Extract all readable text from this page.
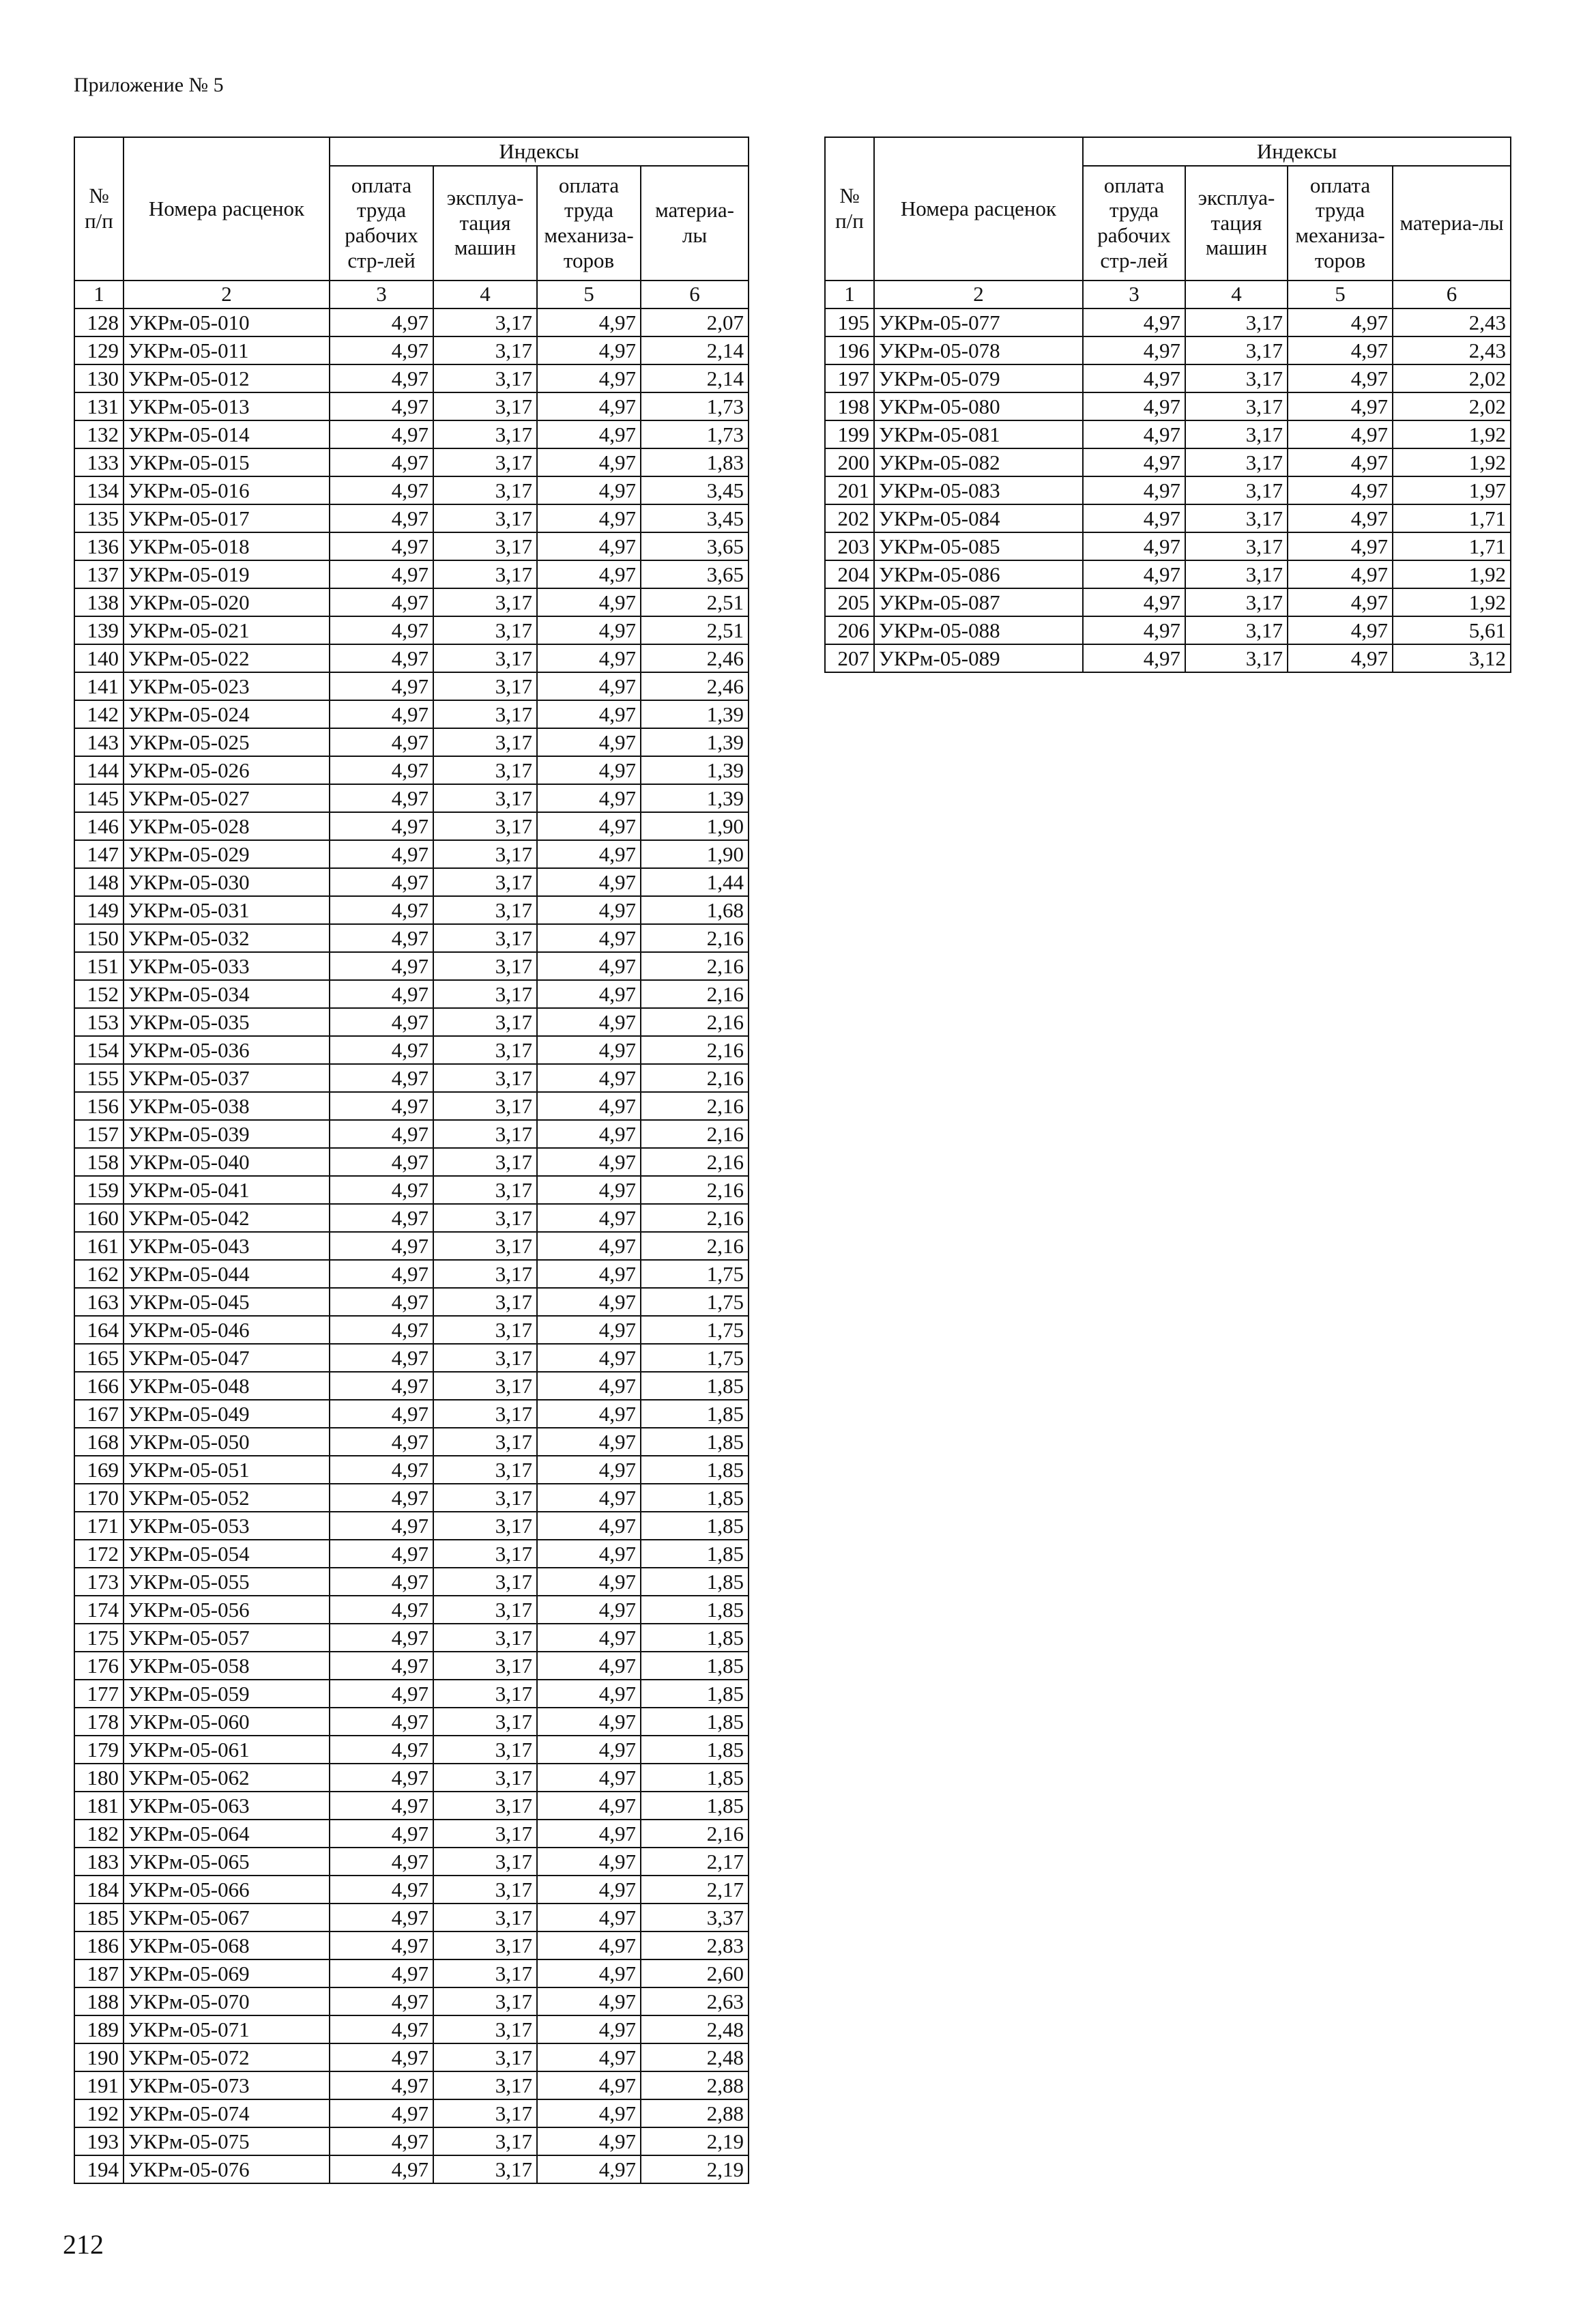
Приложение № 5
№ п/п	Номера расценок	Индексы			
		оплата труда рабочих стр-лей	эксплуа-тация машин	оплата труда механиза-торов	материа-лы
1	2	3	4	5	6
128	УКРм-05-010	4,97	3,17	4,97	2,07
129	УКРм-05-011	4,97	3,17	4,97	2,14
130	УКРм-05-012	4,97	3,17	4,97	2,14
131	УКРм-05-013	4,97	3,17	4,97	1,73
132	УКРм-05-014	4,97	3,17	4,97	1,73
133	УКРм-05-015	4,97	3,17	4,97	1,83
134	УКРм-05-016	4,97	3,17	4,97	3,45
135	УКРм-05-017	4,97	3,17	4,97	3,45
136	УКРм-05-018	4,97	3,17	4,97	3,65
137	УКРм-05-019	4,97	3,17	4,97	3,65
138	УКРм-05-020	4,97	3,17	4,97	2,51
139	УКРм-05-021	4,97	3,17	4,97	2,51
140	УКРм-05-022	4,97	3,17	4,97	2,46
141	УКРм-05-023	4,97	3,17	4,97	2,46
142	УКРм-05-024	4,97	3,17	4,97	1,39
143	УКРм-05-025	4,97	3,17	4,97	1,39
144	УКРм-05-026	4,97	3,17	4,97	1,39
145	УКРм-05-027	4,97	3,17	4,97	1,39
146	УКРм-05-028	4,97	3,17	4,97	1,90
147	УКРм-05-029	4,97	3,17	4,97	1,90
148	УКРм-05-030	4,97	3,17	4,97	1,44
149	УКРм-05-031	4,97	3,17	4,97	1,68
150	УКРм-05-032	4,97	3,17	4,97	2,16
151	УКРм-05-033	4,97	3,17	4,97	2,16
152	УКРм-05-034	4,97	3,17	4,97	2,16
153	УКРм-05-035	4,97	3,17	4,97	2,16
154	УКРм-05-036	4,97	3,17	4,97	2,16
155	УКРм-05-037	4,97	3,17	4,97	2,16
156	УКРм-05-038	4,97	3,17	4,97	2,16
157	УКРм-05-039	4,97	3,17	4,97	2,16
158	УКРм-05-040	4,97	3,17	4,97	2,16
159	УКРм-05-041	4,97	3,17	4,97	2,16
160	УКРм-05-042	4,97	3,17	4,97	2,16
161	УКРм-05-043	4,97	3,17	4,97	2,16
162	УКРм-05-044	4,97	3,17	4,97	1,75
163	УКРм-05-045	4,97	3,17	4,97	1,75
164	УКРм-05-046	4,97	3,17	4,97	1,75
165	УКРм-05-047	4,97	3,17	4,97	1,75
166	УКРм-05-048	4,97	3,17	4,97	1,85
167	УКРм-05-049	4,97	3,17	4,97	1,85
168	УКРм-05-050	4,97	3,17	4,97	1,85
169	УКРм-05-051	4,97	3,17	4,97	1,85
170	УКРм-05-052	4,97	3,17	4,97	1,85
171	УКРм-05-053	4,97	3,17	4,97	1,85
172	УКРм-05-054	4,97	3,17	4,97	1,85
173	УКРм-05-055	4,97	3,17	4,97	1,85
174	УКРм-05-056	4,97	3,17	4,97	1,85
175	УКРм-05-057	4,97	3,17	4,97	1,85
176	УКРм-05-058	4,97	3,17	4,97	1,85
177	УКРм-05-059	4,97	3,17	4,97	1,85
178	УКРм-05-060	4,97	3,17	4,97	1,85
179	УКРм-05-061	4,97	3,17	4,97	1,85
180	УКРм-05-062	4,97	3,17	4,97	1,85
181	УКРм-05-063	4,97	3,17	4,97	1,85
182	УКРм-05-064	4,97	3,17	4,97	2,16
183	УКРм-05-065	4,97	3,17	4,97	2,17
184	УКРм-05-066	4,97	3,17	4,97	2,17
185	УКРм-05-067	4,97	3,17	4,97	3,37
186	УКРм-05-068	4,97	3,17	4,97	2,83
187	УКРм-05-069	4,97	3,17	4,97	2,60
188	УКРм-05-070	4,97	3,17	4,97	2,63
189	УКРм-05-071	4,97	3,17	4,97	2,48
190	УКРм-05-072	4,97	3,17	4,97	2,48
191	УКРм-05-073	4,97	3,17	4,97	2,88
192	УКРм-05-074	4,97	3,17	4,97	2,88
193	УКРм-05-075	4,97	3,17	4,97	2,19
194	УКРм-05-076	4,97	3,17	4,97	2,19
№ п/п	Номера расценок	Индексы			
		оплата труда рабочих стр-лей	эксплуа-тация машин	оплата труда механиза-торов	материа-лы
1	2	3	4	5	6
195	УКРм-05-077	4,97	3,17	4,97	2,43
196	УКРм-05-078	4,97	3,17	4,97	2,43
197	УКРм-05-079	4,97	3,17	4,97	2,02
198	УКРм-05-080	4,97	3,17	4,97	2,02
199	УКРм-05-081	4,97	3,17	4,97	1,92
200	УКРм-05-082	4,97	3,17	4,97	1,92
201	УКРм-05-083	4,97	3,17	4,97	1,97
202	УКРм-05-084	4,97	3,17	4,97	1,71
203	УКРм-05-085	4,97	3,17	4,97	1,71
204	УКРм-05-086	4,97	3,17	4,97	1,92
205	УКРм-05-087	4,97	3,17	4,97	1,92
206	УКРм-05-088	4,97	3,17	4,97	5,61
207	УКРм-05-089	4,97	3,17	4,97	3,12
212
